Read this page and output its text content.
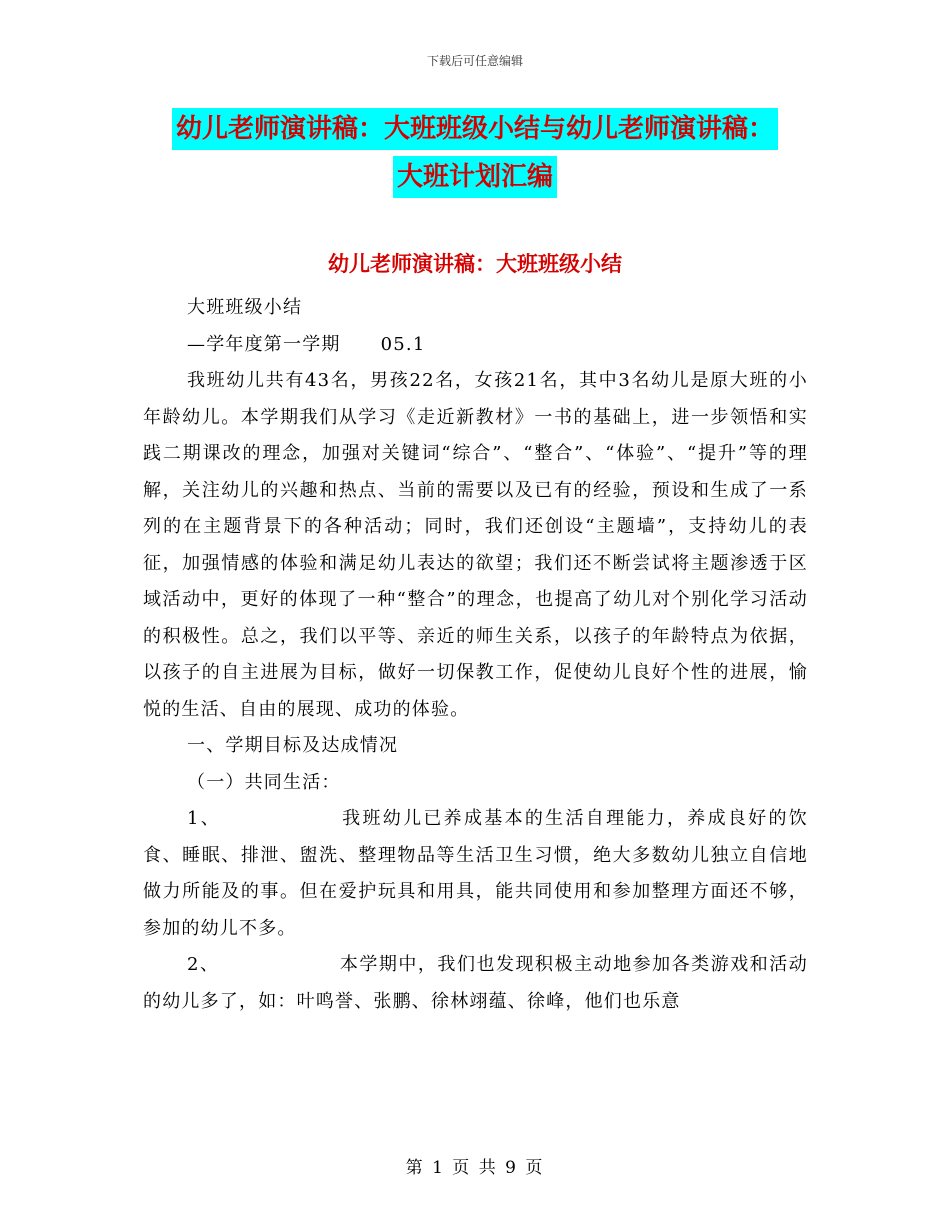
下载后可任意编辑
幼儿老师演讲稿：大班班级小结与幼儿老师演讲稿：
大班计划汇编
幼儿老师演讲稿：大班班级小结

大班班级小结

—学年度第一学期 05.1

我班幼儿共有43名，男孩22名，女孩21名，其中3名幼儿是原大班的小年龄幼儿。本学期我们从学习《走近新教材》一书的基础上，进一步领悟和实践二期课改的理念，加强对关键词“综合”、“整合”、“体验”、“提升”等的理解，关注幼儿的兴趣和热点、当前的需要以及已有的经验，预设和生成了一系列的在主题背景下的各种活动；同时，我们还创设“主题墙”，支持幼儿的表征，加强情感的体验和满足幼儿表达的欲望；我们还不断尝试将主题渗透于区域活动中，更好的体现了一种“整合”的理念，也提高了幼儿对个别化学习活动的积极性。总之，我们以平等、亲近的师生关系，以孩子的年龄特点为依据，以孩子的自主进展为目标，做好一切保教工作，促使幼儿良好个性的进展，愉悦的生活、自由的展现、成功的体验。

一、学期目标及达成情况

（一）共同生活：

1、	我班幼儿已养成基本的生活自理能力，养成良好的饮食、睡眠、排泄、盥洗、整理物品等生活卫生习惯，绝大多数幼儿独立自信地做力所能及的事。但在爱护玩具和用具，能共同使用和参加整理方面还不够，参加的幼儿不多。

2、	本学期中，我们也发现积极主动地参加各类游戏和活动的幼儿多了，如：叶鸣誉、张鹏、徐林翊蕴、徐峰，他们也乐意

第 1 页 共 9 页
